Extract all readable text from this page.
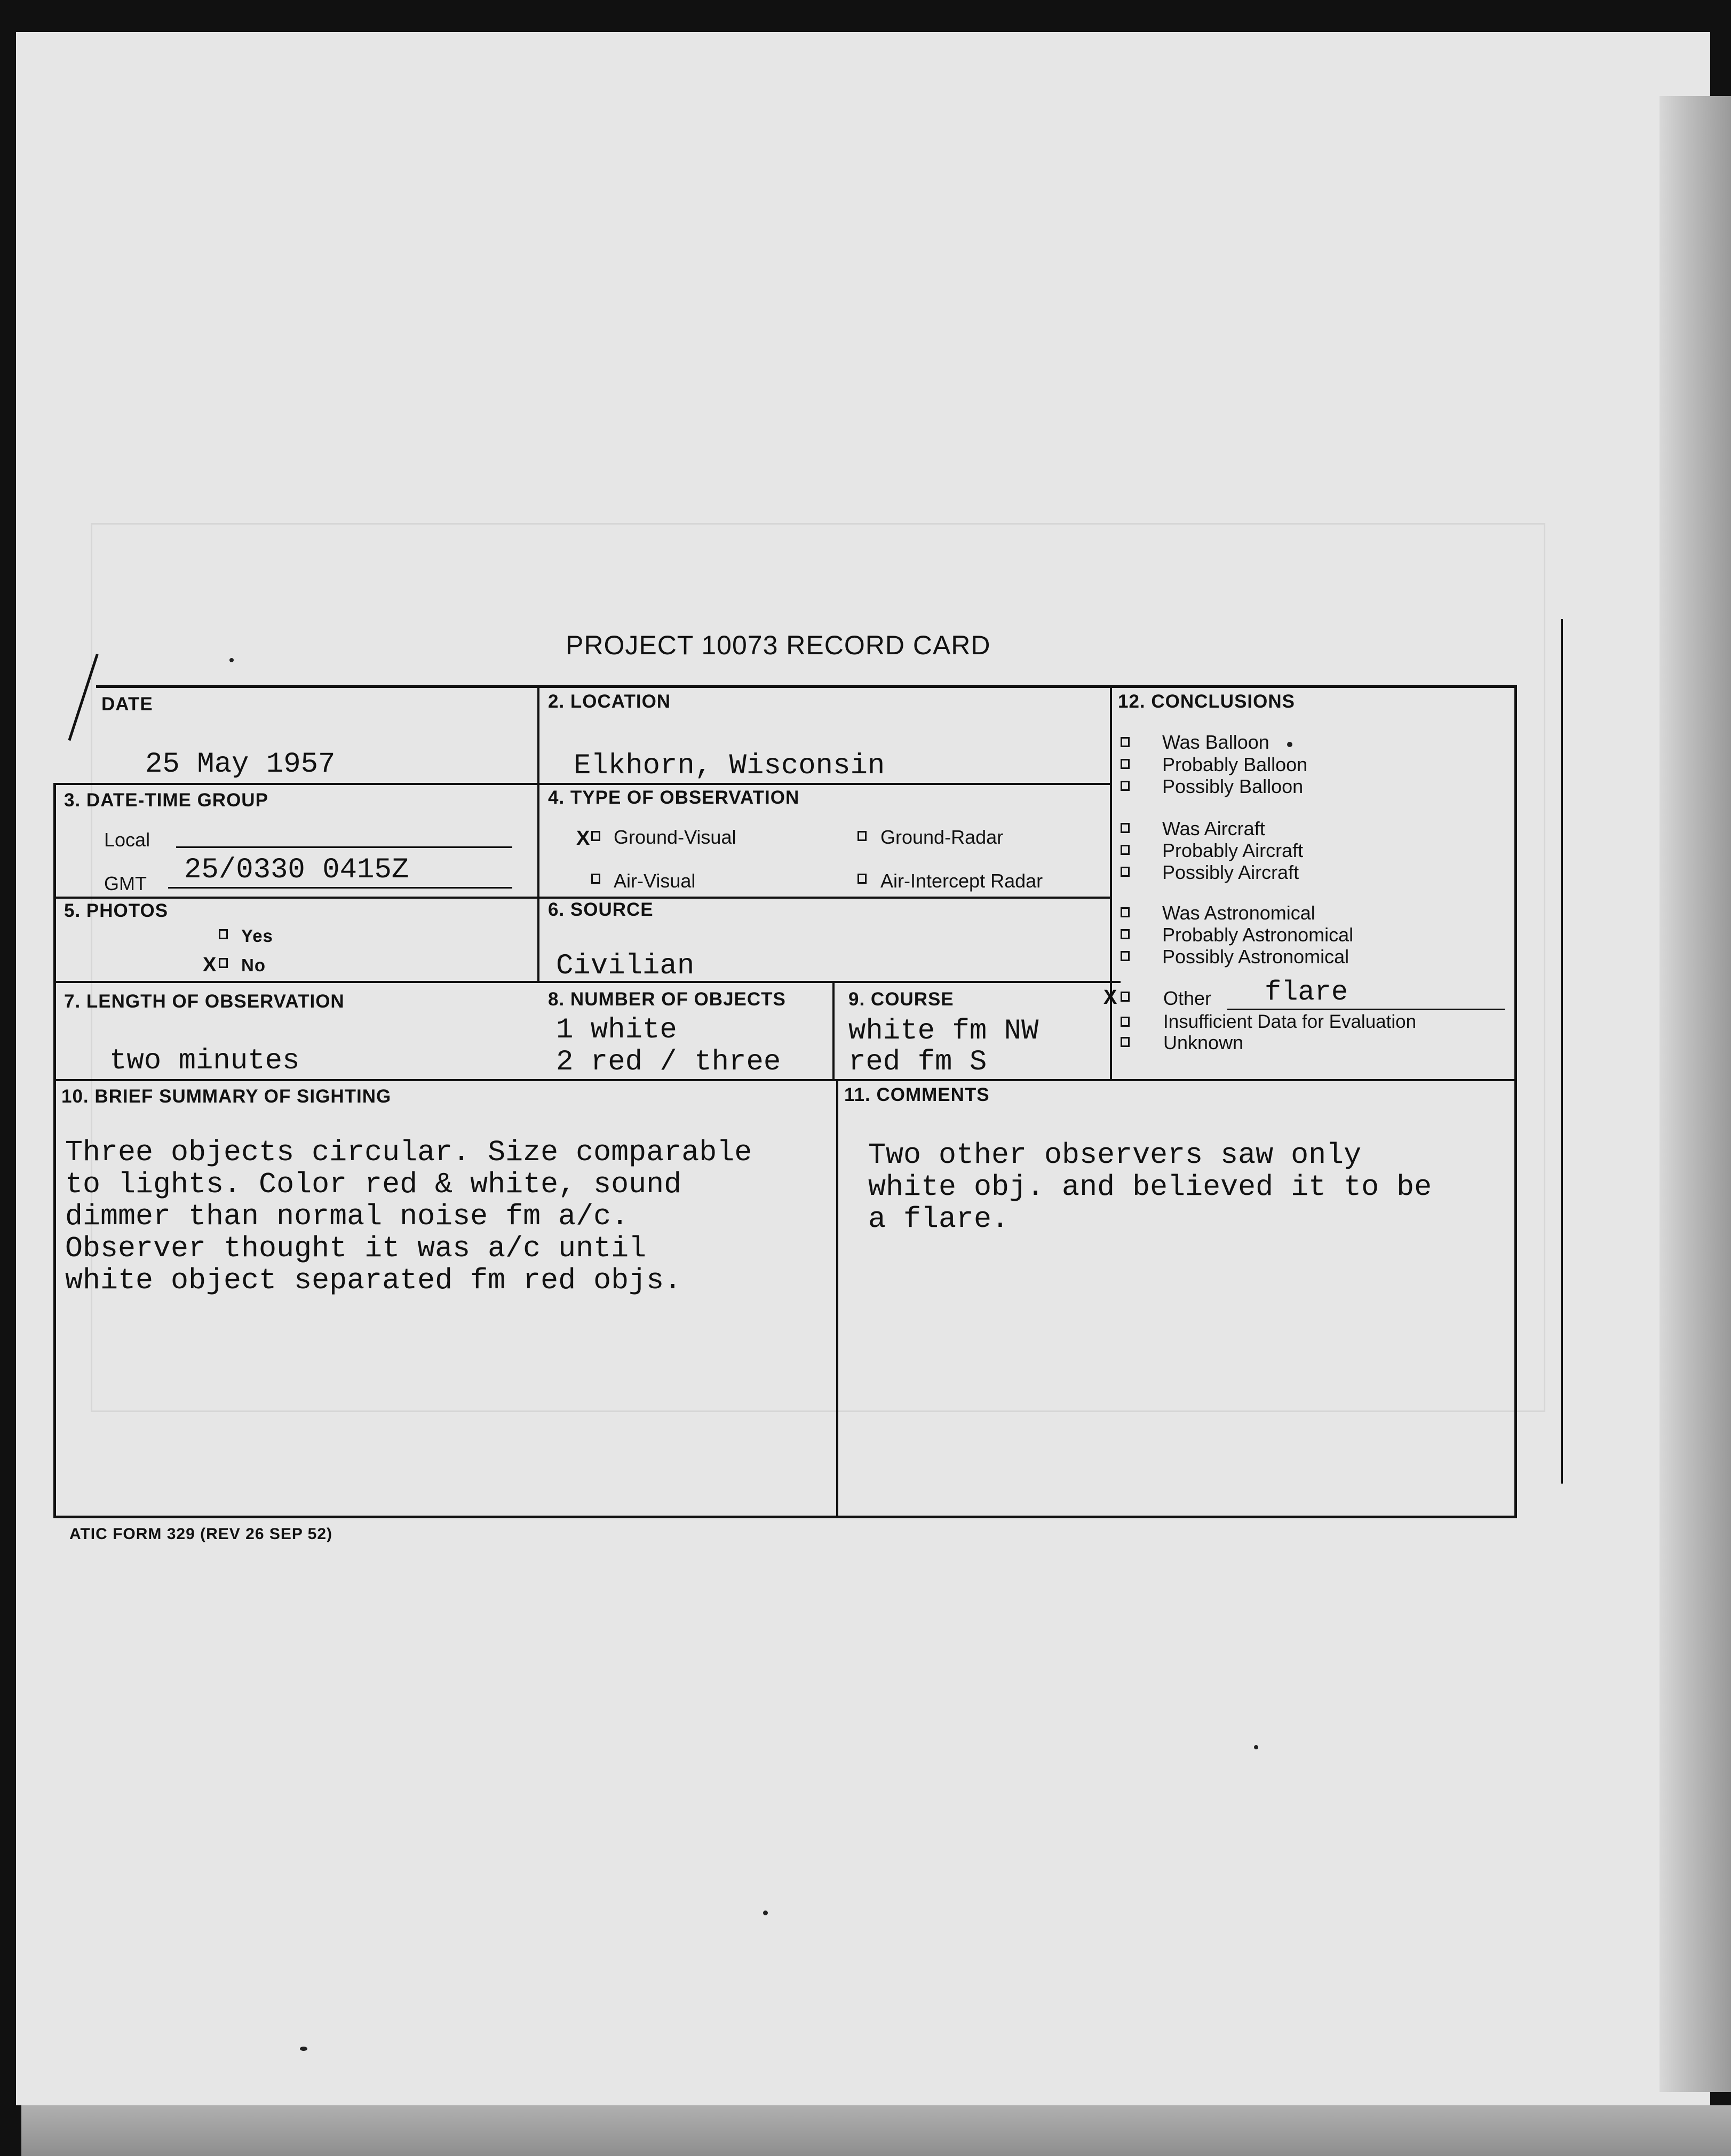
PROJECT 10073 RECORD CARD
DATE
25 May 1957
2. LOCATION
Elkhorn, Wisconsin
3. DATE-TIME GROUP
Local
GMT 25/0330 0415Z
4. TYPE OF OBSERVATION
X Ground-Visual	Ground-Radar
Air-Visual	Air-Intercept Radar
5. PHOTOS
Yes
X No
6. SOURCE
Civilian
7. LENGTH OF OBSERVATION
two minutes
8. NUMBER OF OBJECTS
1 white
2 red / three
9. COURSE
white fm NW
red fm S
12. CONCLUSIONS
Was Balloon
Probably Balloon
Possibly Balloon
Was Aircraft
Probably Aircraft
Possibly Aircraft
Was Astronomical
Probably Astronomical
Possibly Astronomical
X Other flare
Insufficient Data for Evaluation
Unknown
10. BRIEF SUMMARY OF SIGHTING
Three objects circular. Size comparable
to lights. Color red & white, sound
dimmer than normal noise fm a/c.
Observer thought it was a/c until
white object separated fm red objs.
11. COMMENTS
Two other observers saw only
white obj. and believed it to be
a flare.
ATIC FORM 329 (REV 26 SEP 52)
